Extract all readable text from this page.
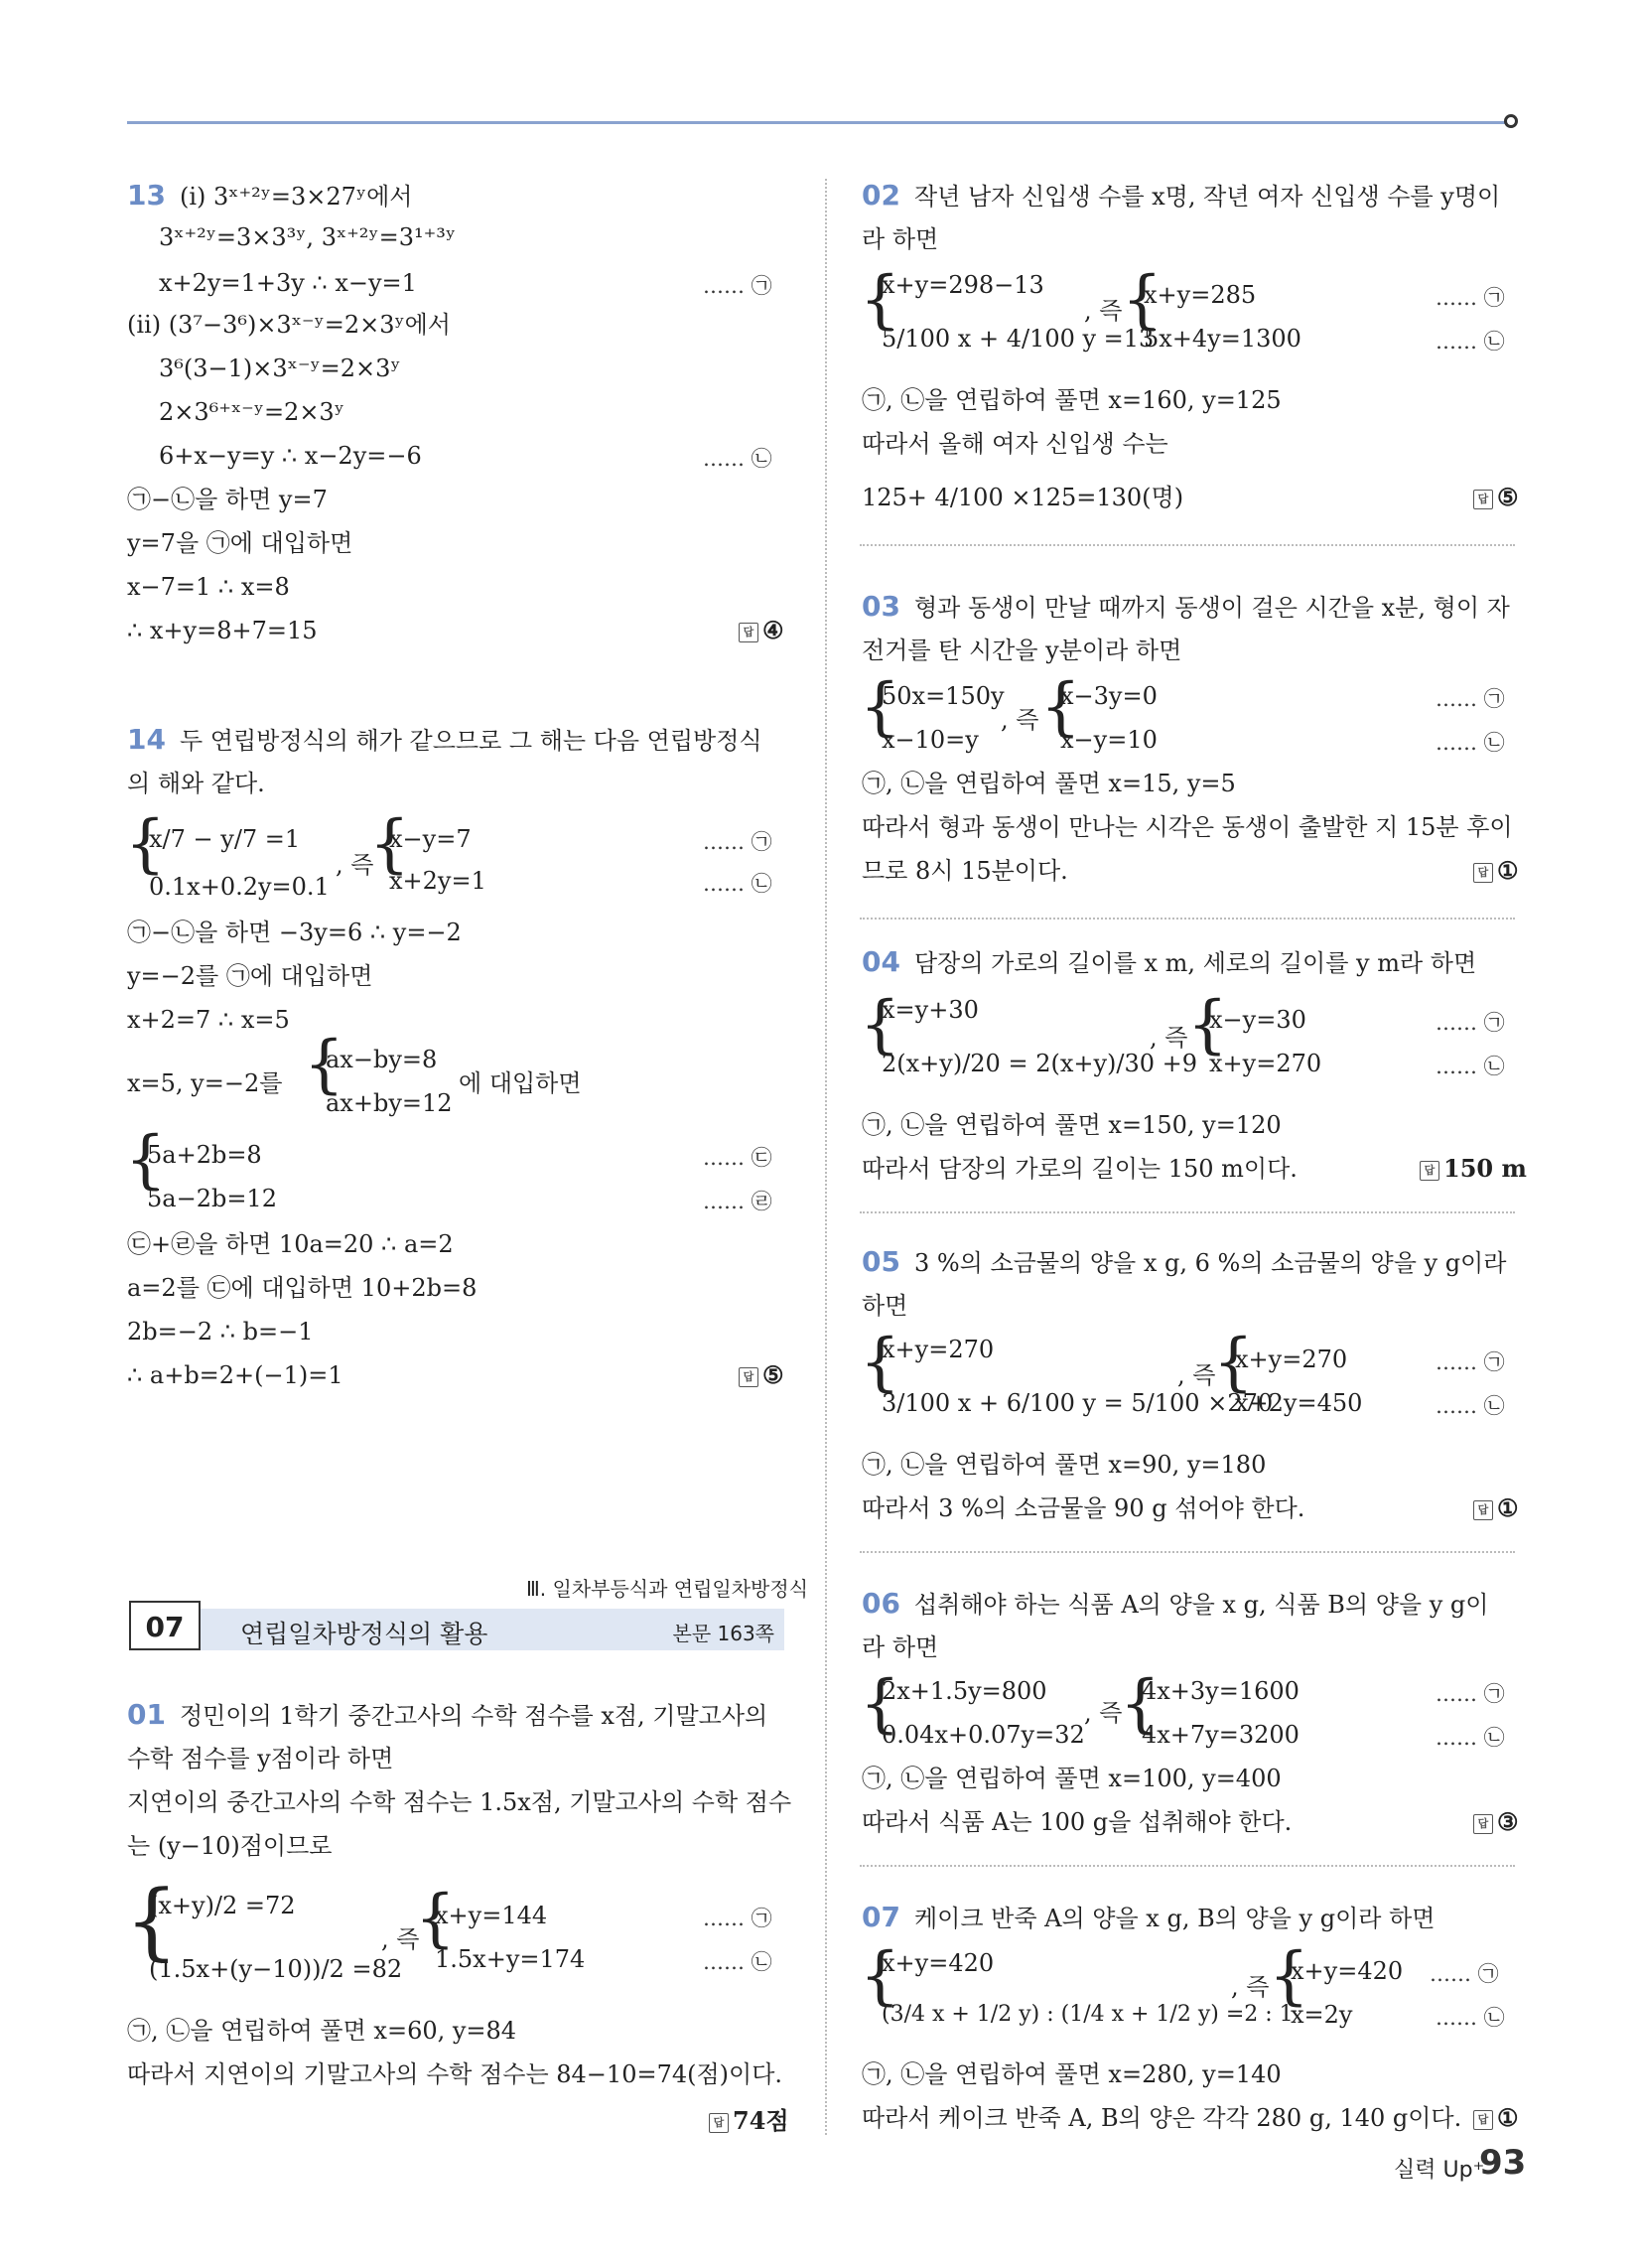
13 (ⅰ) 3ˣ⁺²ʸ=3×27ʸ에서
3ˣ⁺²ʸ=3×3³ʸ, 3ˣ⁺²ʸ=3¹⁺³ʸ
x+2y=1+3y ∴ x−y=1	…… ㉠
(ⅱ) (3⁷−3⁶)×3ˣ⁻ʸ=2×3ʸ에서
3⁶(3−1)×3ˣ⁻ʸ=2×3ʸ
2×3⁶⁺ˣ⁻ʸ=2×3ʸ
6+x−y=y ∴ x−2y=−6	…… ㉡
㉠−㉡을 하면 y=7
y=7을 ㉠에 대입하면
x−7=1 ∴ x=8
∴ x+y=8+7=15	답 ④
14 두 연립방정식의 해가 같으므로 그 해는 다음 연립방정식
의 해와 같다.
{
x/7 − y/7 =1
0.1x+0.2y=0.1
, 즉
{
x−y=7
x+2y=1
…… ㉠
…… ㉡
㉠−㉡을 하면 −3y=6 ∴ y=−2
y=−2를 ㉠에 대입하면
x+2=7 ∴ x=5
x=5, y=−2를 {
ax−by=8
ax+by=12
에 대입하면
{
5a+2b=8
5a−2b=12
…… ㉢
…… ㉣
㉢+㉣을 하면 10a=20 ∴ a=2
a=2를 ㉢에 대입하면 10+2b=8
2b=−2 ∴ b=−1
∴ a+b=2+(−1)=1	답 ⑤
Ⅲ. 일차부등식과 연립일차방정식
07	연립일차방정식의 활용	본문 163쪽
01 정민이의 1학기 중간고사의 수학 점수를 x점, 기말고사의
수학 점수를 y점이라 하면
지연이의 중간고사의 수학 점수는 1.5x점, 기말고사의 수학 점수
는 (y−10)점이므로
{
(x+y)/2 =72
(1.5x+(y−10))/2 =82
, 즉
{
x+y=144
1.5x+y=174
…… ㉠
…… ㉡
㉠, ㉡을 연립하여 풀면 x=60, y=84
따라서 지연이의 기말고사의 수학 점수는 84−10=74(점)이다.
답 74점
02 작년 남자 신입생 수를 x명, 작년 여자 신입생 수를 y명이
라 하면
{
x+y=298−13
5/100 x + 4/100 y =13
, 즉 {
x+y=285
5x+4y=1300
…… ㉠
…… ㉡
㉠, ㉡을 연립하여 풀면 x=160, y=125
따라서 올해 여자 신입생 수는
125+ 4/100 ×125=130(명)	답 ⑤
03 형과 동생이 만날 때까지 동생이 걸은 시간을 x분, 형이 자
전거를 탄 시간을 y분이라 하면
{
50x=150y
x−10=y
, 즉 {
x−3y=0
x−y=10
…… ㉠
…… ㉡
㉠, ㉡을 연립하여 풀면 x=15, y=5
따라서 형과 동생이 만나는 시각은 동생이 출발한 지 15분 후이
므로 8시 15분이다.	답 ①
04 담장의 가로의 길이를 x m, 세로의 길이를 y m라 하면
{
x=y+30
2(x+y)/20 = 2(x+y)/30 +9
, 즉 {
x−y=30
x+y=270
…… ㉠
…… ㉡
㉠, ㉡을 연립하여 풀면 x=150, y=120
따라서 담장의 가로의 길이는 150 m이다.	답 150 m
05 3 %의 소금물의 양을 x g, 6 %의 소금물의 양을 y g이라
하면
{
x+y=270
3/100 x + 6/100 y = 5/100 ×270
, 즉
{
x+y=270
x+2y=450
…… ㉠
…… ㉡
㉠, ㉡을 연립하여 풀면 x=90, y=180
따라서 3 %의 소금물을 90 g 섞어야 한다.	답 ①
06 섭취해야 하는 식품 A의 양을 x g, 식품 B의 양을 y g이
라 하면
{
2x+1.5y=800
0.04x+0.07y=32
, 즉
{
4x+3y=1600
4x+7y=3200
…… ㉠
…… ㉡
㉠, ㉡을 연립하여 풀면 x=100, y=400
따라서 식품 A는 100 g을 섭취해야 한다.	답 ③
07 케이크 반죽 A의 양을 x g, B의 양을 y g이라 하면
{
x+y=420
(3/4 x + 1/2 y) : (1/4 x + 1/2 y) =2 : 1
, 즉 {
x+y=420
x=2y
…… ㉠
…… ㉡
㉠, ㉡을 연립하여 풀면 x=280, y=140
따라서 케이크 반죽 A, B의 양은 각각 280 g, 140 g이다.	답 ①
실력 Up⁺
93
